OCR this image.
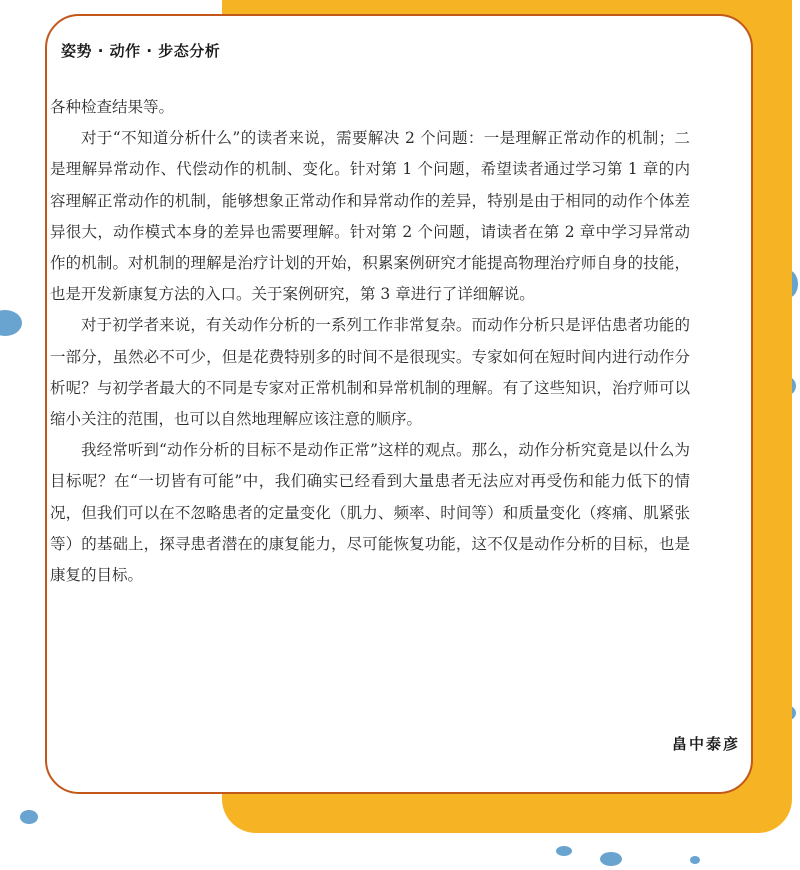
姿势 · 动作 · 步态分析

各种检查结果等。

对于“不知道分析什么”的读者来说，需要解决 2 个问题：一是理解正常动作的机制；二是理解异常动作、代偿动作的机制、变化。针对第 1 个问题，希望读者通过学习第 1 章的内容理解正常动作的机制，能够想象正常动作和异常动作的差异，特别是由于相同的动作个体差异很大，动作模式本身的差异也需要理解。针对第 2 个问题，请读者在第 2 章中学习异常动作的机制。对机制的理解是治疗计划的开始，积累案例研究才能提高物理治疗师自身的技能，也是开发新康复方法的入口。关于案例研究，第 3 章进行了详细解说。

对于初学者来说，有关动作分析的一系列工作非常复杂。而动作分析只是评估患者功能的一部分，虽然必不可少，但是花费特别多的时间不是很现实。专家如何在短时间内进行动作分析呢？与初学者最大的不同是专家对正常机制和异常机制的理解。有了这些知识，治疗师可以缩小关注的范围，也可以自然地理解应该注意的顺序。

我经常听到“动作分析的目标不是动作正常”这样的观点。那么，动作分析究竟是以什么为目标呢？在“一切皆有可能”中，我们确实已经看到大量患者无法应对再受伤和能力低下的情况，但我们可以在不忽略患者的定量变化（肌力、频率、时间等）和质量变化（疼痛、肌紧张等）的基础上，探寻患者潜在的康复能力，尽可能恢复功能，这不仅是动作分析的目标，也是康复的目标。

畠中泰彦
